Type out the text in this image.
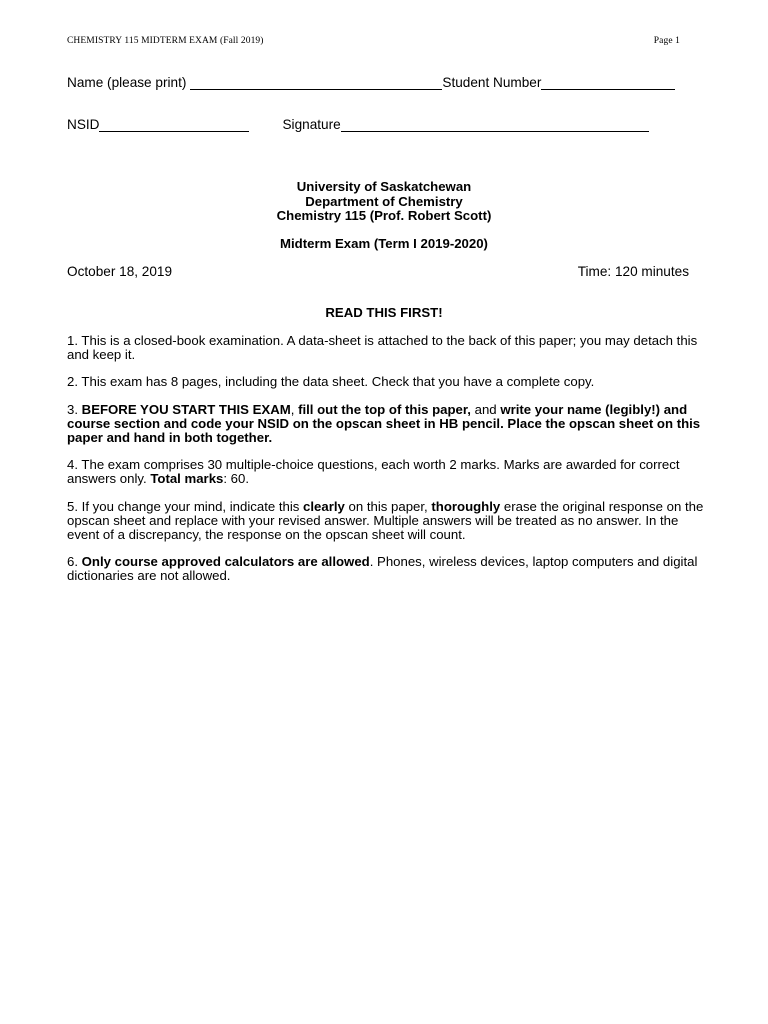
CHEMISTRY 115 MIDTERM EXAM (Fall 2019)	Page 1
Name (please print)	Student Number
NSID	Signature
University of Saskatchewan
Department of Chemistry
Chemistry 115 (Prof. Robert Scott)
Midterm Exam (Term I 2019-2020)
October 18, 2019	Time: 120 minutes
READ THIS FIRST!

1. This is a closed-book examination. A data-sheet is attached to the back of this paper; you may detach this and keep it.

2. This exam has 8 pages, including the data sheet. Check that you have a complete copy.

3. BEFORE YOU START THIS EXAM, fill out the top of this paper, and write your name (legibly!) and course section and code your NSID on the opscan sheet in HB pencil. Place the opscan sheet on this paper and hand in both together.

4. The exam comprises 30 multiple-choice questions, each worth 2 marks. Marks are awarded for correct answers only. Total marks: 60.

5. If you change your mind, indicate this clearly on this paper, thoroughly erase the original response on the opscan sheet and replace with your revised answer. Multiple answers will be treated as no answer. In the event of a discrepancy, the response on the opscan sheet will count.

6. Only course approved calculators are allowed. Phones, wireless devices, laptop computers and digital dictionaries are not allowed.
